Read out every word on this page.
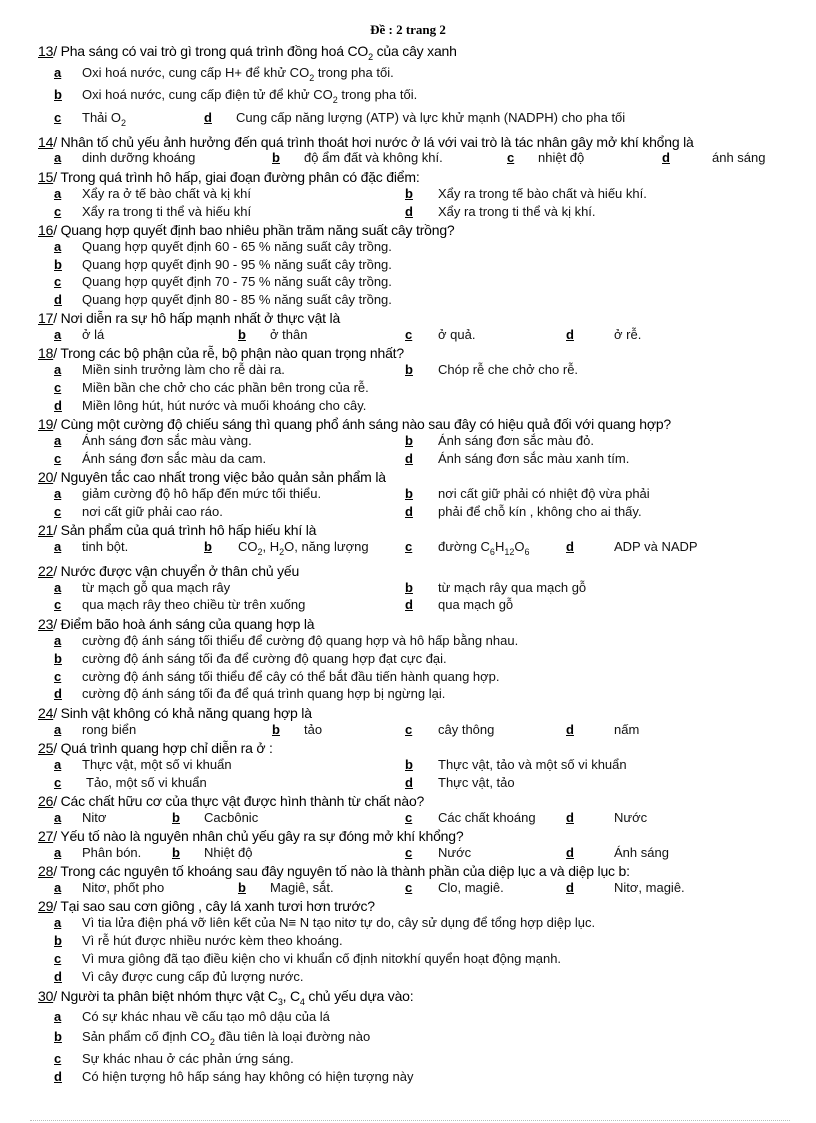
Đề : 2 trang 2
13/ Pha sáng có vai trò gì trong quá trình đồng hoá $CO_2$ của cây xanh
a Oxi hoá nước, cung cấp H+ để khử $CO_2$ trong pha tối.
b Oxi hoá nước, cung cấp điện tử để khử $CO_2$ trong pha tối.
c Thải $O_2$	d Cung cấp năng lượng (ATP) và lực khử mạnh (NADPH) cho pha tối
14/ Nhân tố chủ yếu ảnh hưởng đến quá trình thoát hơi nước ở lá với vai trò là tác nhân gây mở khí khổng là
a dinh dưỡng khoáng	b độ ẩm đất và không khí.	c nhiệt độ	d	ánh sáng
15/ Trong quá trình hô hấp, giai đoạn đường phân có đặc điểm:
a Xẩy ra ở tế bào chất và kị khí	b Xẩy ra trong tế bào chất và hiếu khí.
c Xẩy ra trong ti thể và hiếu khí	d Xẩy ra trong ti thể và kị khí.
16/ Quang hợp quyết định bao nhiêu phần trăm năng suất cây trồng?
a Quang hợp quyết định 60 - 65 % năng suất cây trồng.
b Quang hợp quyết định 90 - 95 % năng suất cây trồng.
c Quang hợp quyết định 70 - 75 % năng suất cây trồng.
d Quang hợp quyết định 80 - 85 % năng suất cây trồng.
17/ Nơi diễn ra sự hô hấp mạnh nhất ở thực vật là
a ở lá	b ở thân	c ở quả.	d	ở rễ.
18/ Trong các bộ phận của rễ, bộ phận nào quan trọng nhất?
a Miền sinh trưởng làm cho rễ dài ra.	b Chóp rễ che chở cho rễ.
c Miền bần che chở cho các phần bên trong của rễ.
d Miền lông hút, hút nước và muối khoáng cho cây.
19/ Cùng một cường độ chiếu sáng thì quang phổ ánh sáng nào sau đây có hiệu quả đối với quang hợp?
a Ánh sáng đơn sắc màu vàng.	b Ánh sáng đơn sắc màu đỏ.
c Ánh sáng đơn sắc màu da cam.	d Ánh sáng đơn sắc màu xanh tím.
20/ Nguyên tắc cao nhất trong việc bảo quản sản phẩm là
a giảm cường độ hô hấp đến mức tối thiểu.	b nơi cất giữ phải có nhiệt độ vừa phải
c nơi cất giữ phải cao ráo.	d phải để chỗ kín , không cho ai thấy.
21/ Sản phẩm của quá trình hô hấp hiếu khí là
a tinh bột.	b $CO_2$, $H_2O$, năng lượng	c đường $C_6H_{12}O_6$	d	ADP và NADP
22/ Nước được vận chuyển ở thân chủ yếu
a từ mạch gỗ qua mạch rây	b từ mạch rây qua mạch gỗ
c qua mạch rây theo chiều từ trên xuống	d qua mạch gỗ
23/ Điểm bão hoà ánh sáng của quang hợp là
a cường độ ánh sáng tối thiểu để cường độ quang hợp và hô hấp bằng nhau.
b cường độ ánh sáng tối đa để cường độ quang hợp đạt cực đại.
c cường độ ánh sáng tối thiểu để cây có thể bắt đầu tiến hành quang hợp.
d cường độ ánh sáng tối đa để quá trình quang hợp bị ngừng lại.
24/ Sinh vật không có khả năng quang hợp là
a rong biển	b tảo	c cây thông	d	nấm
25/ Quá trình quang hợp chỉ diễn ra ở :
a Thực vật, một số vi khuẩn	b Thực vật, tảo và một số vi khuẩn
c Tảo, một số vi khuẩn	d Thực vật, tảo
26/ Các chất hữu cơ của thực vật được hình thành từ chất nào?
a Nitơ	b Cacbônic	c Các chất khoáng d	Nước
27/ Yếu tố nào là nguyên nhân chủ yếu gây ra sự đóng mở khí khổng?
a Phân bón. b Nhiệt độ	c Nước	d	Ánh sáng
28/ Trong các nguyên tố khoáng sau đây nguyên tố nào là thành phần của diệp lục a và diệp lục b:
a Nitơ, phốt pho	b Magiê, sắt.	c Clo, magiê.	d	Nitơ, magiê.
29/ Tại sao sau cơn giông , cây lá xanh tươi hơn trước?
a Vì tia lửa điện phá vỡ liên kết của N≡ N tạo nitơ tự do, cây sử dụng để tổng hợp diệp lục.
b Vì rễ hút được nhiều nước kèm theo khoáng.
c Vì mưa giông đã tạo điều kiện cho vi khuẩn cố định nitơkhí quyển hoạt động mạnh.
d Vì cây được cung cấp đủ lượng nước.
30/ Người ta phân biệt nhóm thực vật $C_3$, $C_4$ chủ yếu dựa vào:
a Có sự khác nhau về cấu tạo mô dậu của lá
b Sản phẩm cố định $CO_2$ đầu tiên là loại đường nào
c Sự khác nhau ở các phản ứng sáng.
d Có hiện tượng hô hấp sáng hay không có hiện tượng này
